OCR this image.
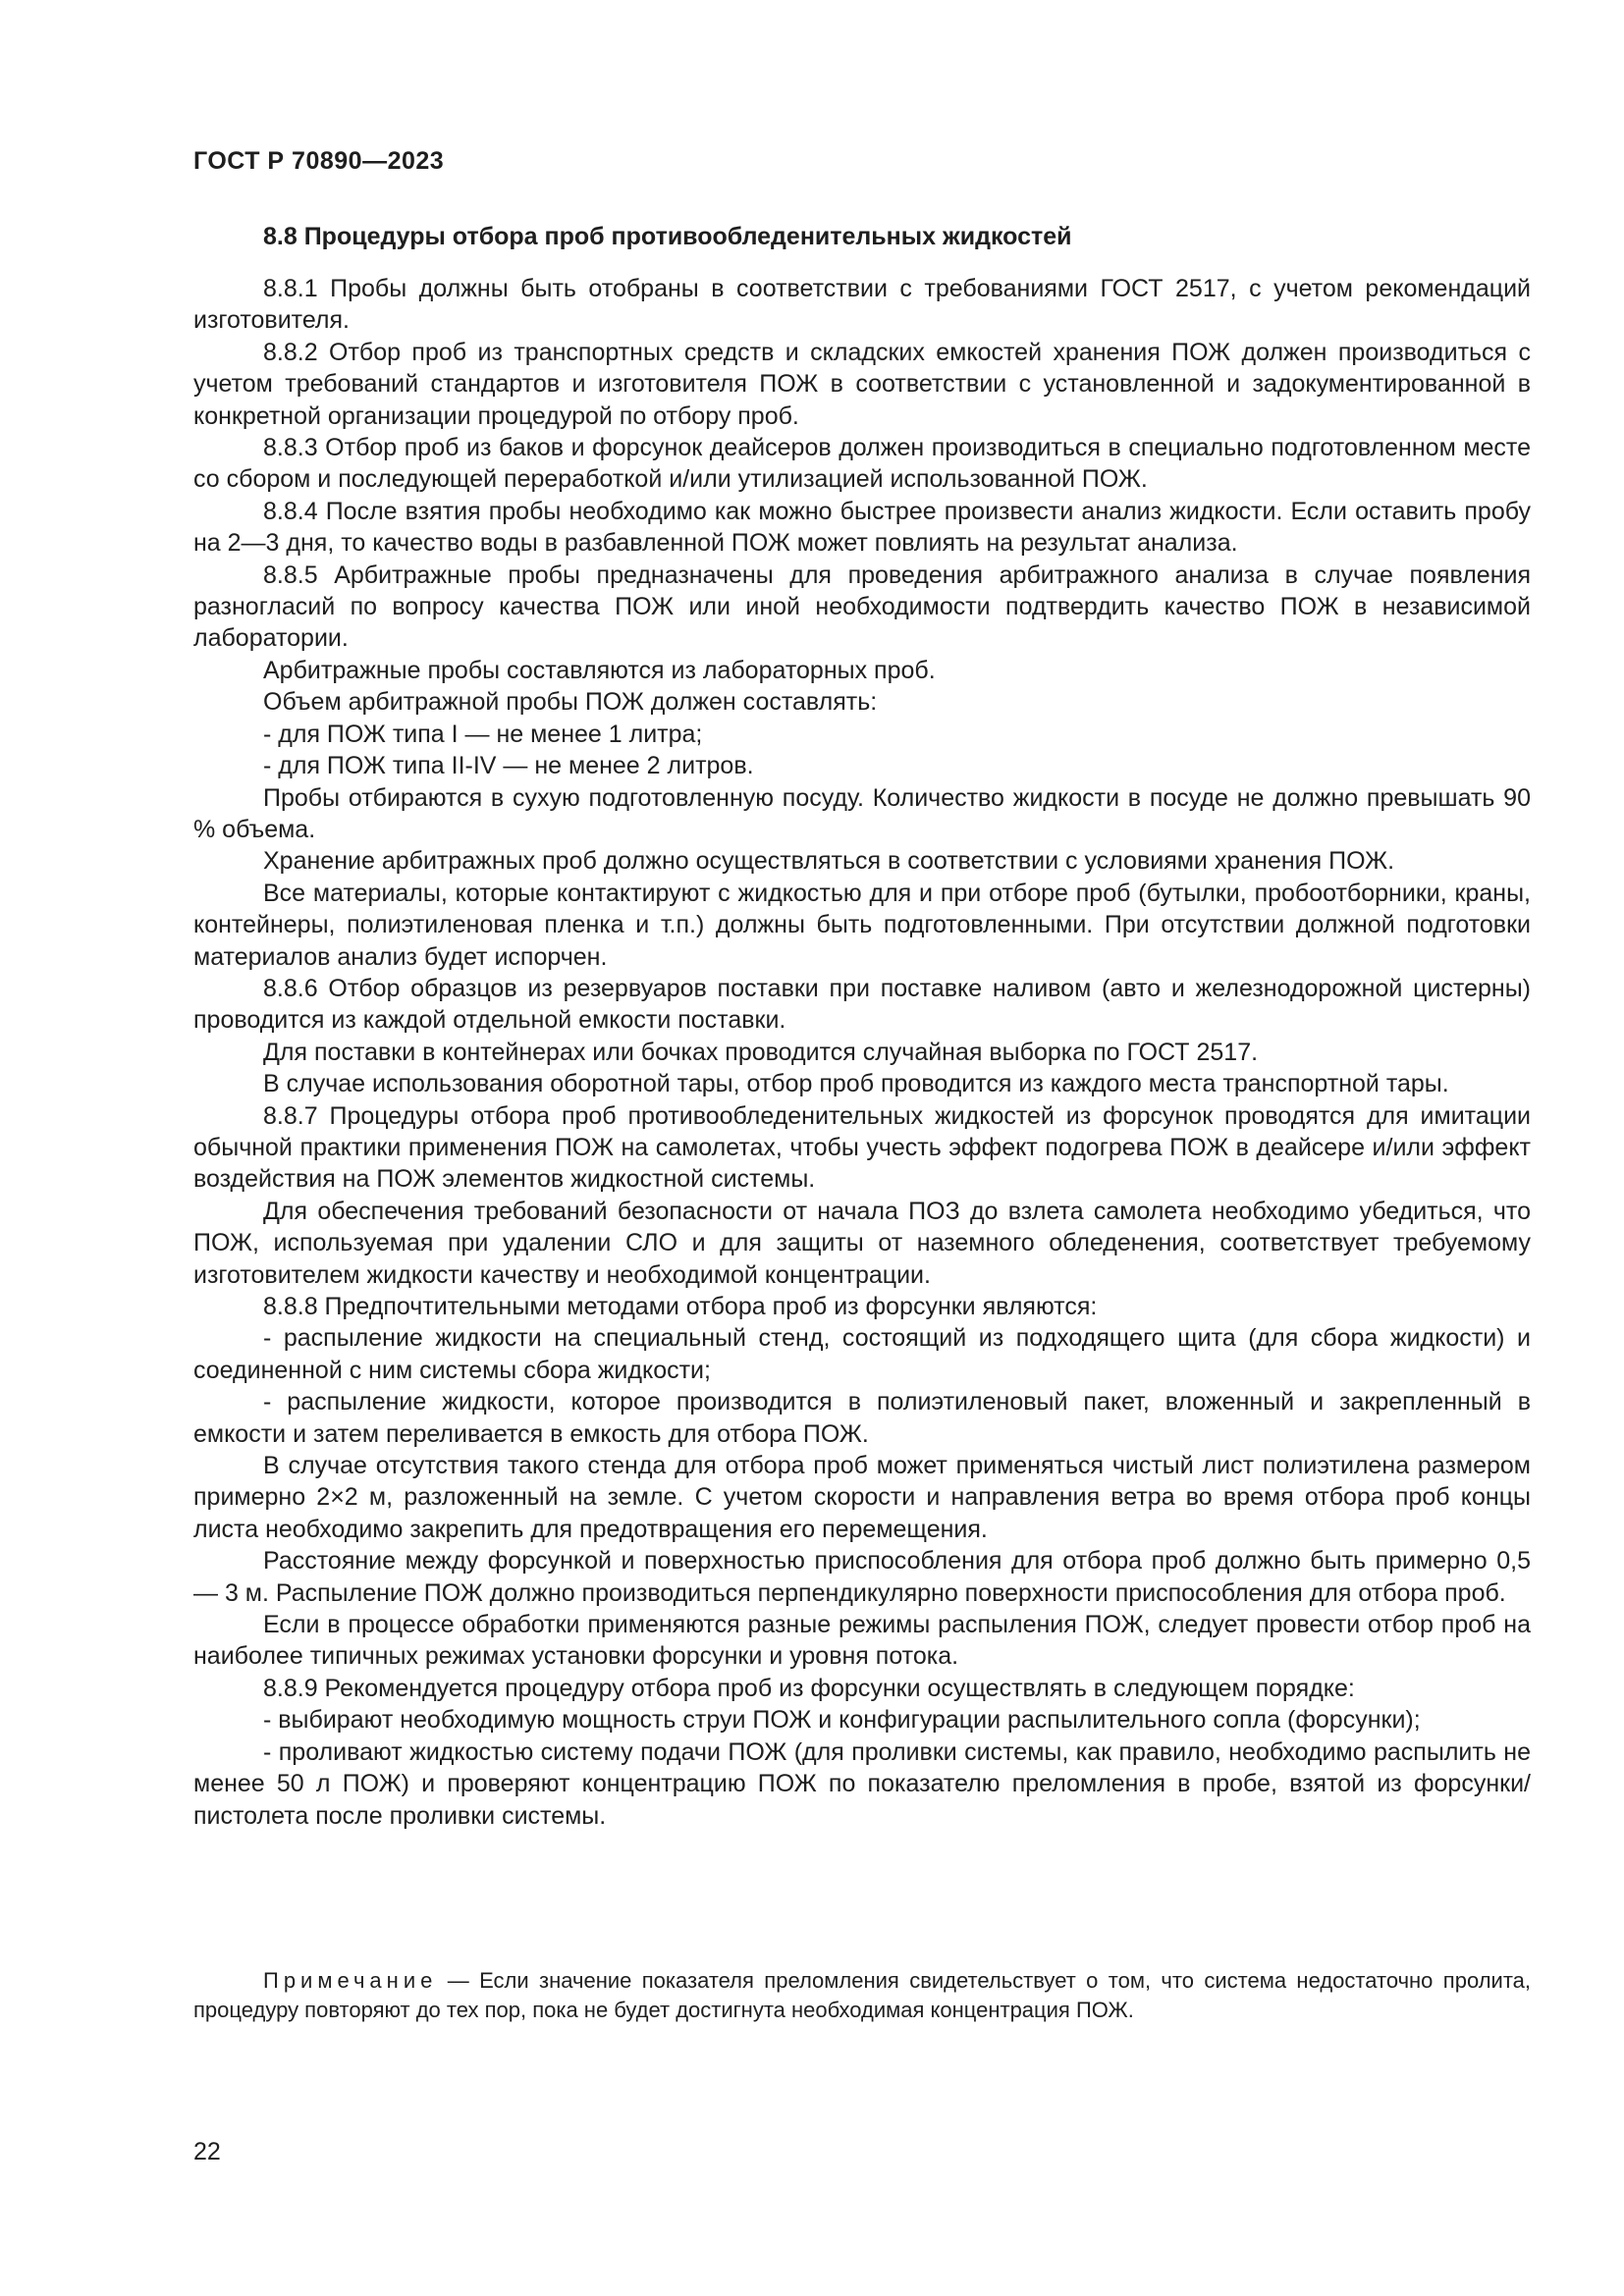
ГОСТ Р 70890—2023
8.8 Процедуры отбора проб противообледенительных жидкостей

8.8.1 Пробы должны быть отобраны в соответствии с требованиями ГОСТ 2517, с учетом рекомендаций изготовителя.

8.8.2 Отбор проб из транспортных средств и складских емкостей хранения ПОЖ должен производиться с учетом требований стандартов и изготовителя ПОЖ в соответствии с установленной и задокументированной в конкретной организации процедурой по отбору проб.

8.8.3 Отбор проб из баков и форсунок деайсеров должен производиться в специально подготовленном месте со сбором и последующей переработкой и/или утилизацией использованной ПОЖ.

8.8.4 После взятия пробы необходимо как можно быстрее произвести анализ жидкости. Если оставить пробу на 2—3 дня, то качество воды в разбавленной ПОЖ может повлиять на результат анализа.

8.8.5 Арбитражные пробы предназначены для проведения арбитражного анализа в случае появления разногласий по вопросу качества ПОЖ или иной необходимости подтвердить качество ПОЖ в независимой лаборатории.

Арбитражные пробы составляются из лабораторных проб.

Объем арбитражной пробы ПОЖ должен составлять:

- для ПОЖ типа I — не менее 1 литра;

- для ПОЖ типа II-IV — не менее 2 литров.

Пробы отбираются в сухую подготовленную посуду. Количество жидкости в посуде не должно превышать 90 % объема.

Хранение арбитражных проб должно осуществляться в соответствии с условиями хранения ПОЖ.

Все материалы, которые контактируют с жидкостью для и при отборе проб (бутылки, пробоотборники, краны, контейнеры, полиэтиленовая пленка и т.п.) должны быть подготовленными. При отсутствии должной подготовки материалов анализ будет испорчен.

8.8.6 Отбор образцов из резервуаров поставки при поставке наливом (авто и железнодорожной цистерны) проводится из каждой отдельной емкости поставки.

Для поставки в контейнерах или бочках проводится случайная выборка по ГОСТ 2517.

В случае использования оборотной тары, отбор проб проводится из каждого места транспортной тары.

8.8.7 Процедуры отбора проб противообледенительных жидкостей из форсунок проводятся для имитации обычной практики применения ПОЖ на самолетах, чтобы учесть эффект подогрева ПОЖ в деайсере и/или эффект воздействия на ПОЖ элементов жидкостной системы.

Для обеспечения требований безопасности от начала ПОЗ до взлета самолета необходимо убедиться, что ПОЖ, используемая при удалении СЛО и для защиты от наземного обледенения, соответствует требуемому изготовителем жидкости качеству и необходимой концентрации.

8.8.8 Предпочтительными методами отбора проб из форсунки являются:

- распыление жидкости на специальный стенд, состоящий из подходящего щита (для сбора жидкости) и соединенной с ним системы сбора жидкости;

- распыление жидкости, которое производится в полиэтиленовый пакет, вложенный и закрепленный в емкости и затем переливается в емкость для отбора ПОЖ.

В случае отсутствия такого стенда для отбора проб может применяться чистый лист полиэтилена размером примерно 2×2 м, разложенный на земле. С учетом скорости и направления ветра во время отбора проб концы листа необходимо закрепить для предотвращения его перемещения.

Расстояние между форсункой и поверхностью приспособления для отбора проб должно быть примерно 0,5 — 3 м. Распыление ПОЖ должно производиться перпендикулярно поверхности приспособления для отбора проб.

Если в процессе обработки применяются разные режимы распыления ПОЖ, следует провести отбор проб на наиболее типичных режимах установки форсунки и уровня потока.

8.8.9 Рекомендуется процедуру отбора проб из форсунки осуществлять в следующем порядке:

- выбирают необходимую мощность струи ПОЖ и конфигурации распылительного сопла (форсунки);

- проливают жидкостью систему подачи ПОЖ (для проливки системы, как правило, необходимо распылить не менее 50 л ПОЖ) и проверяют концентрацию ПОЖ по показателю преломления в пробе, взятой из форсунки/пистолета после проливки системы.

Примечание — Если значение показателя преломления свидетельствует о том, что система недостаточно пролита, процедуру повторяют до тех пор, пока не будет достигнута необходимая концентрация ПОЖ.
22
